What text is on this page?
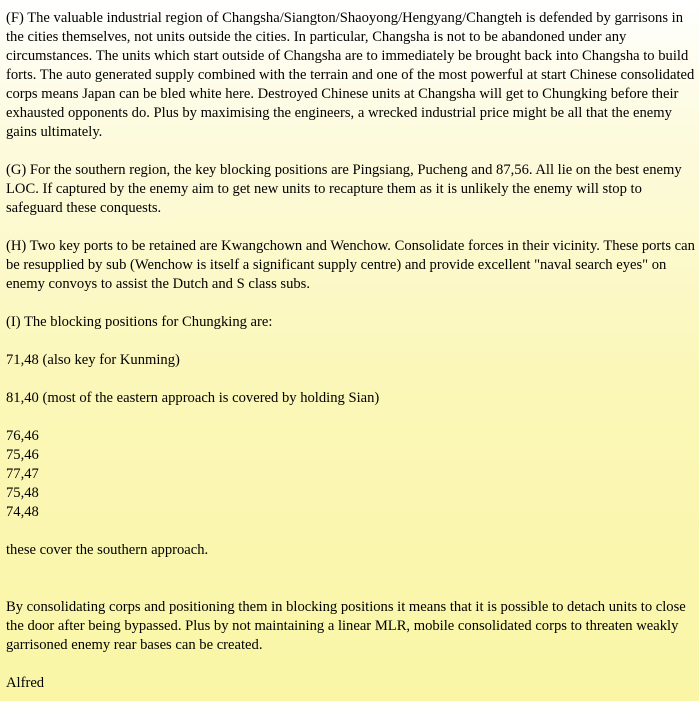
(F) The valuable industrial region of Changsha/Siangton/Shaoyong/Hengyang/Changteh is defended by garrisons in the cities themselves, not units outside the cities. In particular, Changsha is not to be abandoned under any circumstances. The units which start outside of Changsha are to immediately be brought back into Changsha to build forts. The auto generated supply combined with the terrain and one of the most powerful at start Chinese consolidated corps means Japan can be bled white here. Destroyed Chinese units at Changsha will get to Chungking before their exhausted opponents do. Plus by maximising the engineers, a wrecked industrial price might be all that the enemy gains ultimately.

(G) For the southern region, the key blocking positions are Pingsiang, Pucheng and 87,56. All lie on the best enemy LOC. If captured by the enemy aim to get new units to recapture them as it is unlikely the enemy will stop to safeguard these conquests.

(H) Two key ports to be retained are Kwangchown and Wenchow. Consolidate forces in their vicinity. These ports can be resupplied by sub (Wenchow is itself a significant supply centre) and provide excellent "naval search eyes" on enemy convoys to assist the Dutch and S class subs.

(I) The blocking positions for Chungking are:

71,48 (also key for Kunming)

81,40 (most of the eastern approach is covered by holding Sian)

76,46

75,46

77,47

75,48

74,48

these cover the southern approach.

By consolidating corps and positioning them in blocking positions it means that it is possible to detach units to close the door after being bypassed. Plus by not maintaining a linear MLR, mobile consolidated corps to threaten weakly garrisoned enemy rear bases can be created.

Alfred
